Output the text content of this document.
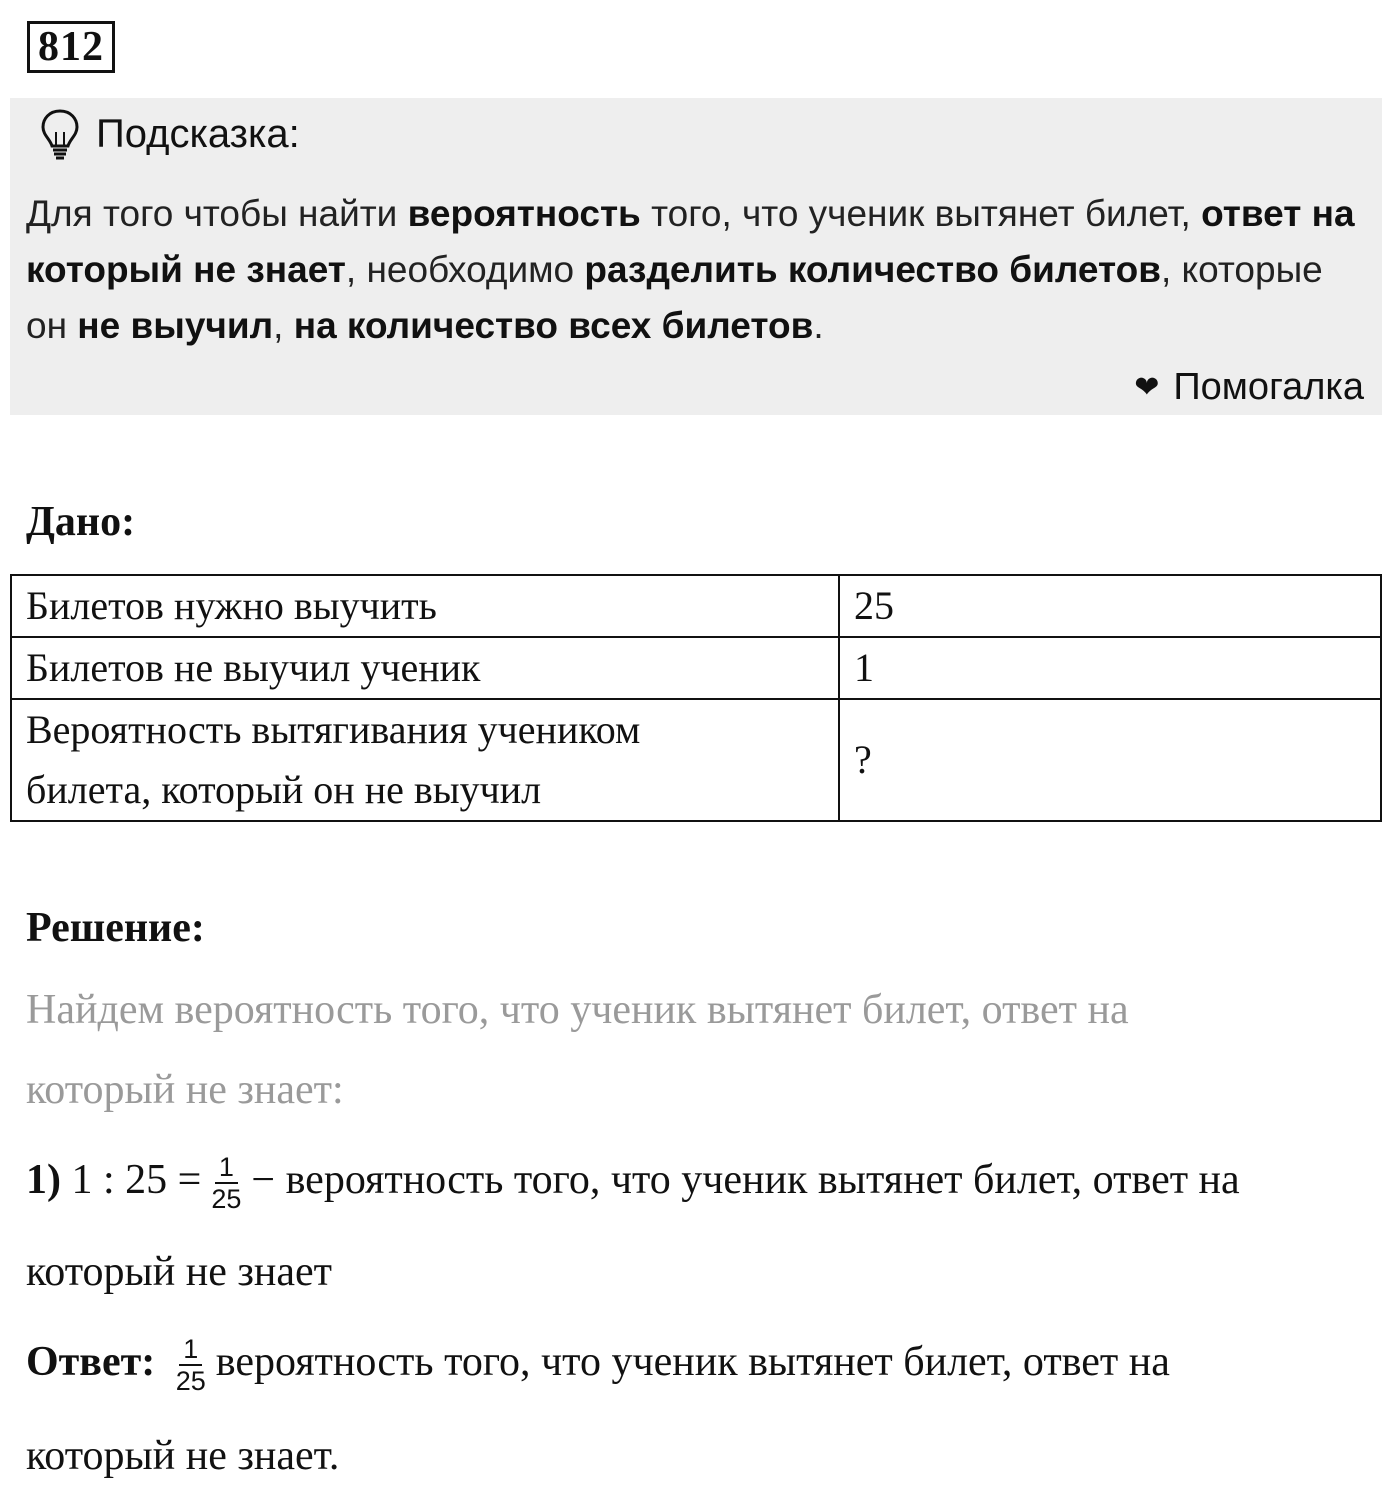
812
Подсказка:
Для того чтобы найти вероятность того, что ученик вытянет билет, ответ на который не знает, необходимо разделить количество билетов, которые он не выучил, на количество всех билетов.
❤ Помогалка
Дано:
Билетов нужно выучить	25
Билетов не выучил ученик	1

Вероятность вытягивания учеником
билета, который он не выучил	?
Решение:
Найдем вероятность того, что ученик вытянет билет, ответ на
который не знает:
1) 1 : $25 = \frac{1}{25}$ − вероятность того, что ученик вытянет билет, ответ на
который не знает
Ответ: $\frac{1}{25}$ вероятность того, что ученик вытянет билет, ответ на
который не знает.
